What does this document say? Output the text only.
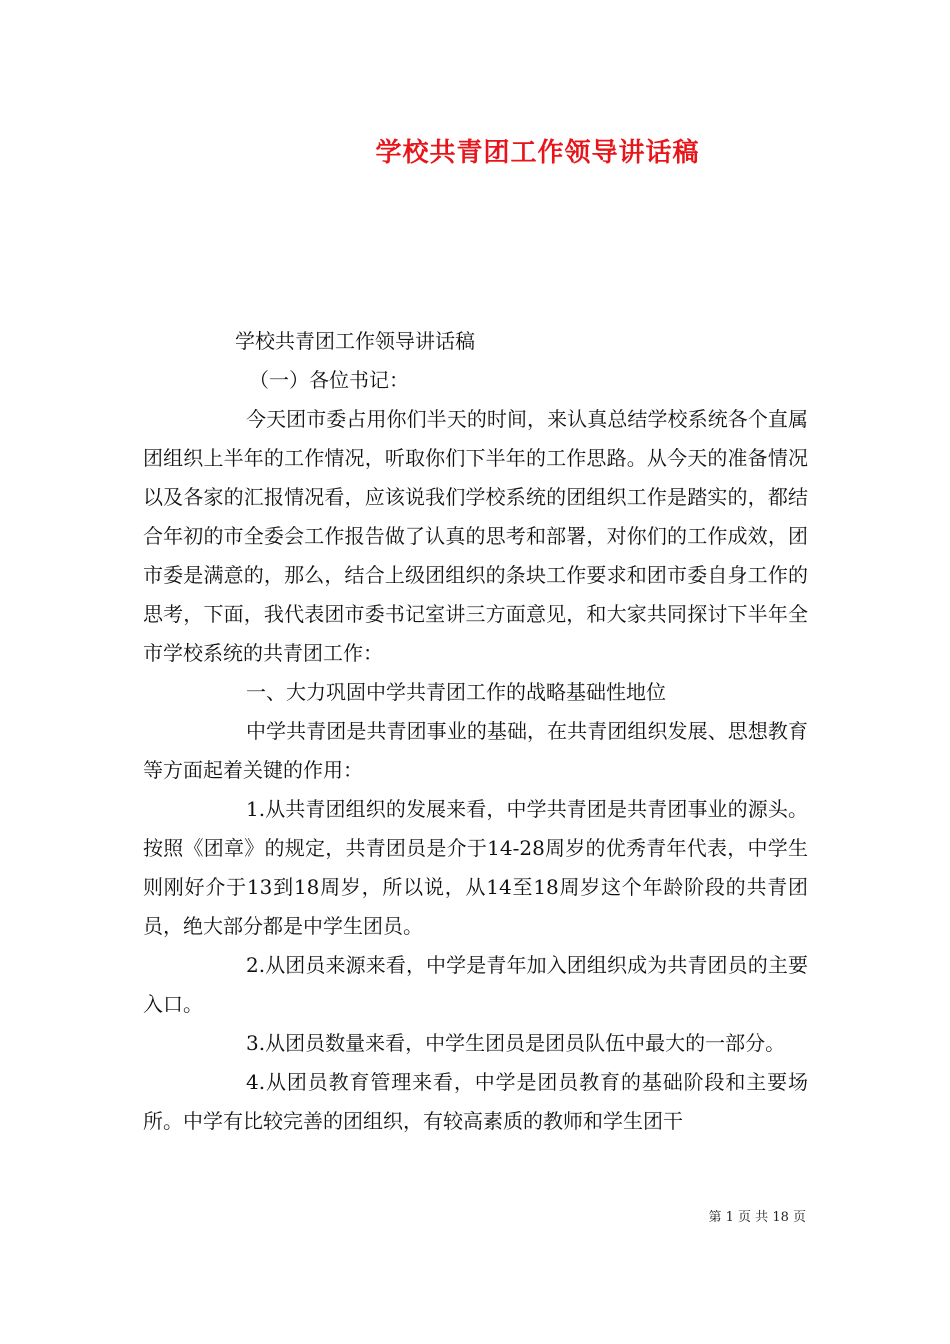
学校共青团工作领导讲话稿

学校共青团工作领导讲话稿

（一）各位书记：

今天团市委占用你们半天的时间，来认真总结学校系统各个直属团组织上半年的工作情况，听取你们下半年的工作思路。从今天的准备情况以及各家的汇报情况看，应该说我们学校系统的团组织工作是踏实的，都结合年初的市全委会工作报告做了认真的思考和部署，对你们的工作成效，团市委是满意的，那么，结合上级团组织的条块工作要求和团市委自身工作的思考，下面，我代表团市委书记室讲三方面意见，和大家共同探讨下半年全市学校系统的共青团工作：

一、大力巩固中学共青团工作的战略基础性地位

中学共青团是共青团事业的基础，在共青团组织发展、思想教育等方面起着关键的作用：

1.从共青团组织的发展来看，中学共青团是共青团事业的源头。按照《团章》的规定，共青团员是介于14-28周岁的优秀青年代表，中学生则刚好介于13到18周岁，所以说，从14至18周岁这个年龄阶段的共青团员，绝大部分都是中学生团员。

2.从团员来源来看，中学是青年加入团组织成为共青团员的主要入口。

3.从团员数量来看，中学生团员是团员队伍中最大的一部分。

4.从团员教育管理来看，中学是团员教育的基础阶段和主要场所。中学有比较完善的团组织，有较高素质的教师和学生团干

第 1 页 共 18 页
